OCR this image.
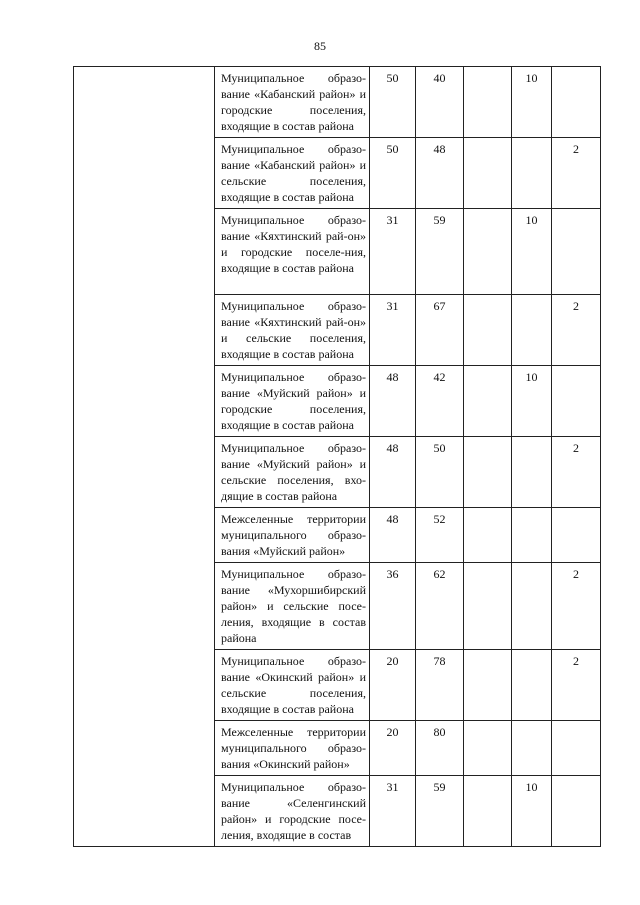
85
	Муниципальное образо-вание «Кабанский район» и городские поселения, входящие в состав района	50	40		10	
	Муниципальное образо-вание «Кабанский район» и сельские поселения, входящие в состав района	50	48			2
	Муниципальное образо-вание «Кяхтинский рай-он» и городские поселе-ния, входящие в состав района	31	59		10	
	Муниципальное образо-вание «Кяхтинский рай-он» и сельские поселения, входящие в состав района	31	67			2
	Муниципальное образо-вание «Муйский район» и городские поселения, входящие в состав района	48	42		10	
	Муниципальное образо-вание «Муйский район» и сельские поселения, вхо-дящие в состав района	48	50			2
	Межселенные территории муниципального образо-вания «Муйский район»	48	52			
	Муниципальное образо-вание «Мухоршибирский район» и сельские посе-ления, входящие в состав района	36	62			2
	Муниципальное образо-вание «Окинский район» и сельские поселения, входящие в состав района	20	78			2
	Межселенные территории муниципального образо-вания «Окинский район»	20	80			
	Муниципальное образо-вание «Селенгинский район» и городские посе-ления, входящие в состав	31	59		10	
